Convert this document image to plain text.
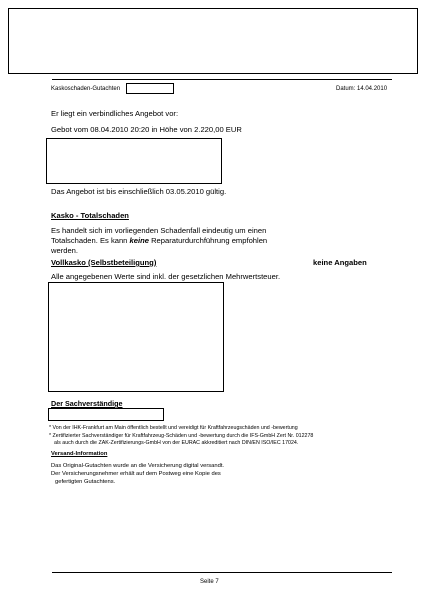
Kaskoschaden-Gutachten	Datum: 14.04.2010
Er liegt ein verbindliches Angebot vor:
Gebot vom 08.04.2010 20:20 in Höhe von 2.220,00 EUR
Das Angebot ist bis einschließlich 03.05.2010 gültig.
Kasko - Totalschaden
Es handelt sich im vorliegenden Schadenfall eindeutig um einen
Totalschaden. Es kann keine Reparaturdurchführung empfohlen
werden.
Vollkasko (Selbstbeteiligung)	keine Angaben
Alle angegebenen Werte sind inkl. der gesetzlichen Mehrwertsteuer.
Der Sachverständige
* Von der IHK-Frankfurt am Main öffentlich bestellt und vereidigt für Kraftfahrzeugschäden und -bewertung
* Zertifizierter Sachverständiger für Kraftfahrzeug-Schäden und -bewertung durch die IFS-GmbH Zert Nr. 012278
als auch durch die ZAK-Zertifizierungs-GmbH von der EURAC akkreditiert nach DIN/EN ISO/IEC 17024.
Versand-Information
Das Original-Gutachten wurde an die Versicherung digital versandt.
Der Versicherungsnehmer erhält auf dem Postweg eine Kopie des
gefertigten Gutachtens.
Seite 7
